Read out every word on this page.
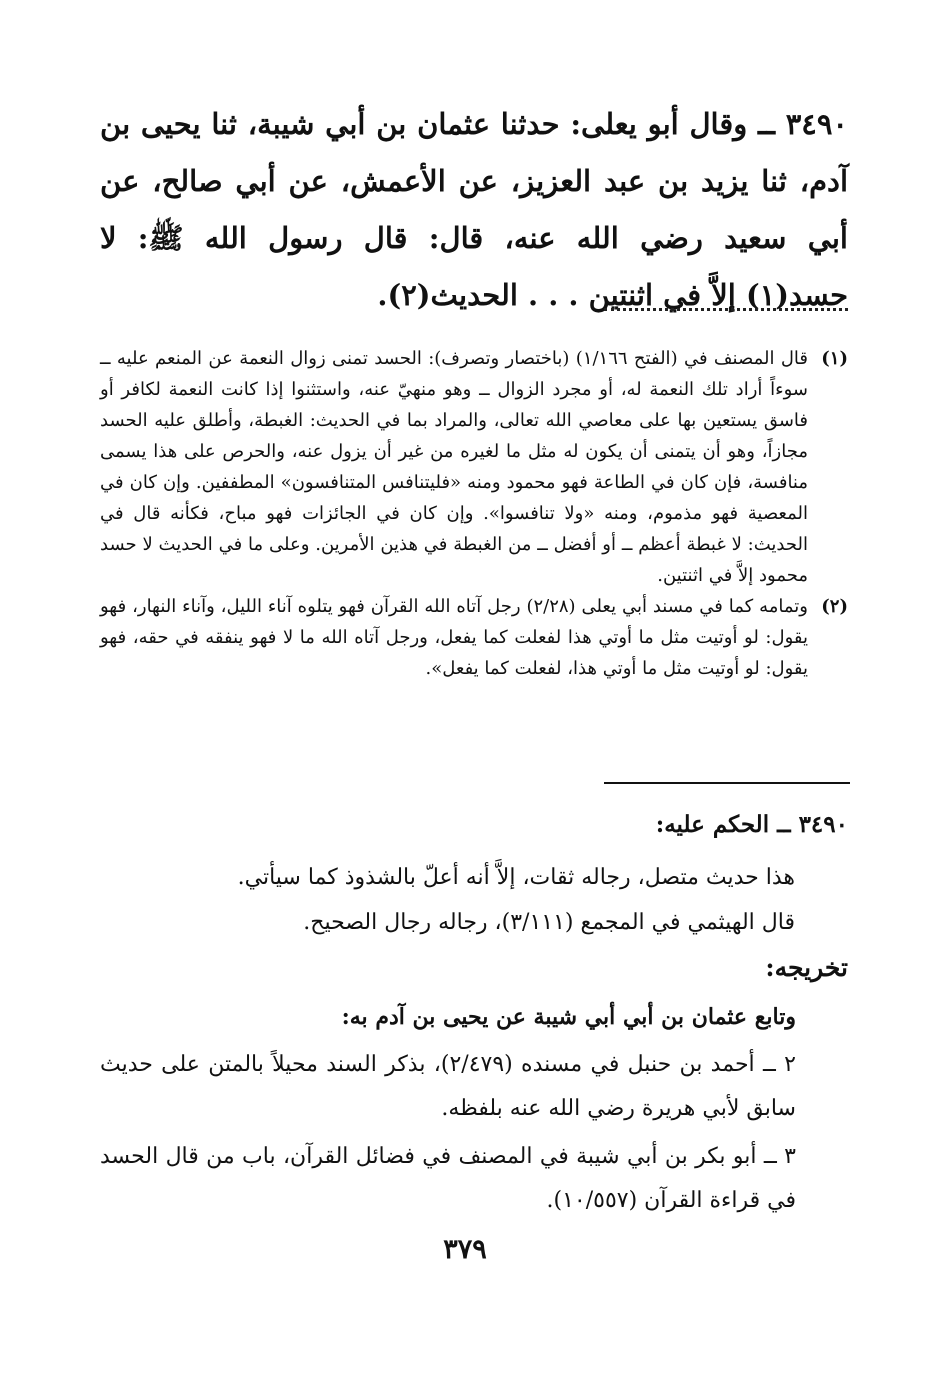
٣٤٩٠ ــ وقال أبو يعلى: حدثنا عثمان بن أبي شيبة، ثنا يحيى بن آدم، ثنا يزيد بن عبد العزيز، عن الأعمش، عن أبي صالح، عن أبي سعيد رضي الله عنه، قال: قال رسول الله ﷺ: لا حسد(١) إلاَّ في اثنتين . . . الحديث(٢).
(١)
قال المصنف في (الفتح ١/١٦٦) (باختصار وتصرف): الحسد تمنى زوال النعمة عن المنعم عليه ــ سوءاً أراد تلك النعمة له، أو مجرد الزوال ــ وهو منهيّ عنه، واستثنوا إذا كانت النعمة لكافر أو فاسق يستعين بها على معاصي الله تعالى، والمراد بما في الحديث: الغبطة، وأطلق عليه الحسد مجازاً، وهو أن يتمنى أن يكون له مثل ما لغيره من غير أن يزول عنه، والحرص على هذا يسمى منافسة، فإن كان في الطاعة فهو محمود ومنه «فليتنافس المتنافسون» المطففين. وإن كان في المعصية فهو مذموم، ومنه «ولا تنافسوا». وإن كان في الجائزات فهو مباح، فكأنه قال في الحديث: لا غبطة أعظم ــ أو أفضل ــ من الغبطة في هذين الأمرين. وعلى ما في الحديث لا حسد محمود إلاَّ في اثنتين.
(٢)
وتمامه كما في مسند أبي يعلى (٢/٢٨) رجل آتاه الله القرآن فهو يتلوه آناء الليل، وآناء النهار، فهو يقول: لو أوتيت مثل ما أوتي هذا لفعلت كما يفعل، ورجل آتاه الله ما لا فهو ينفقه في حقه، فهو يقول: لو أوتيت مثل ما أوتي هذا، لفعلت كما يفعل».
٣٤٩٠ ــ الحكم عليه:
هذا حديث متصل، رجاله ثقات، إلاَّ أنه أعلّ بالشذوذ كما سيأتي.
قال الهيثمي في المجمع (٣/١١١)، رجاله رجال الصحيح.
تخريجه:

وتابع عثمان بن أبي أبي شيبة عن يحيى بن آدم به:

٢ ــ أحمد بن حنبل في مسنده (٢/٤٧٩)، بذكر السند محيلاً بالمتن على حديث سابق لأبي هريرة رضي الله عنه بلفظه.

٣ ــ أبو بكر بن أبي شيبة في المصنف في فضائل القرآن، باب من قال الحسد في قراءة القرآن (١٠/٥٥٧).

٣٧٩
